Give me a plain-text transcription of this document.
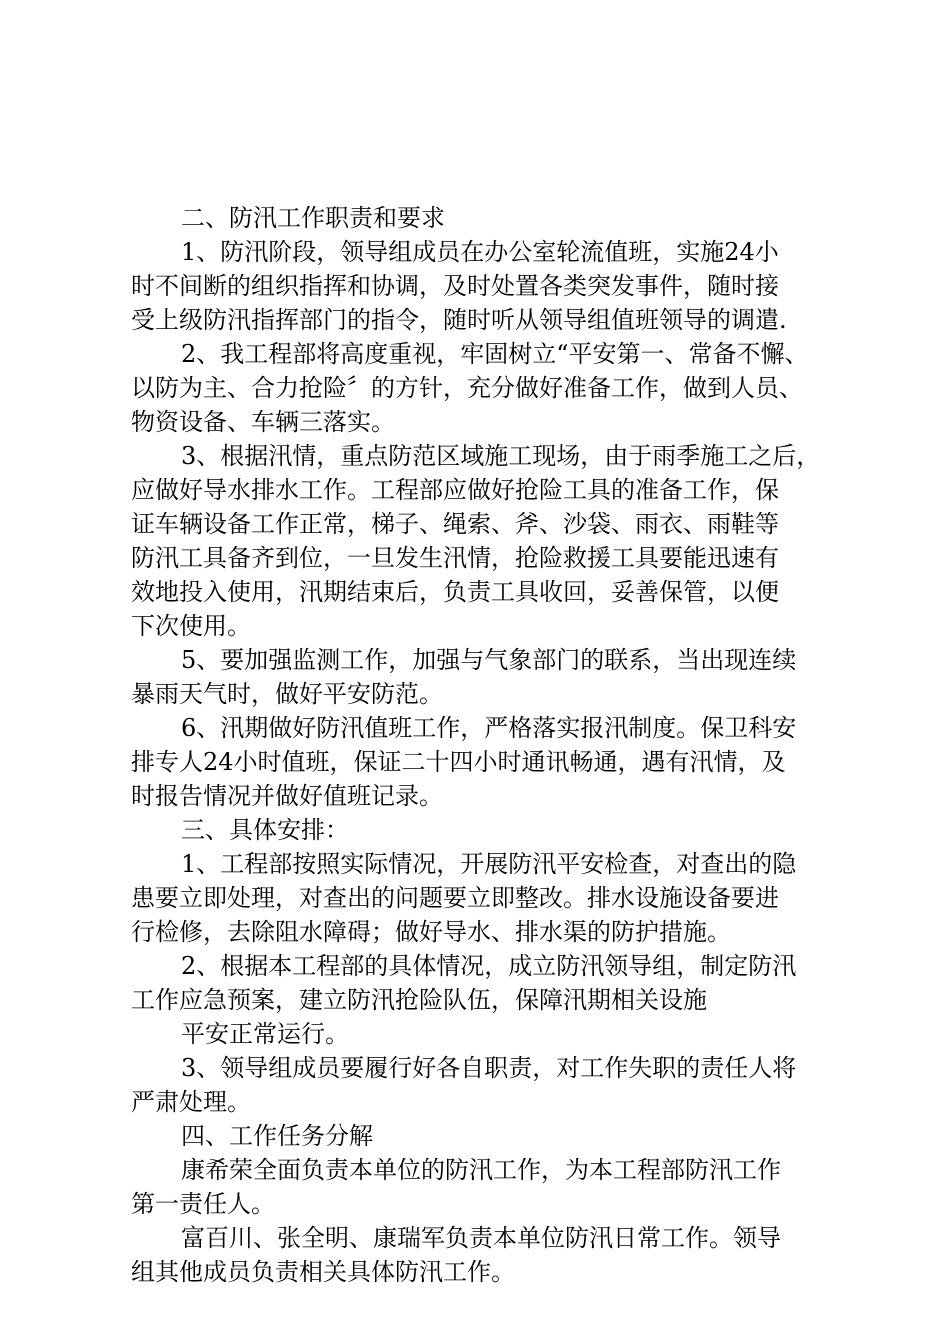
二、防汛工作职责和要求
1、防汛阶段，领导组成员在办公室轮流值班，实施24小
时不间断的组织指挥和协调，及时处置各类突发事件，随时接
受上级防汛指挥部门的指令，随时听从领导组值班领导的调遣.
2、我工程部将高度重视，牢固树立“平安第一、常备不懈、
以防为主、合力抢险〞的方针，充分做好准备工作，做到人员、
物资设备、车辆三落实。
3、根据汛情，重点防范区域施工现场，由于雨季施工之后，
应做好导水排水工作。工程部应做好抢险工具的准备工作，保
证车辆设备工作正常，梯子、绳索、斧、沙袋、雨衣、雨鞋等
防汛工具备齐到位，一旦发生汛情，抢险救援工具要能迅速有
效地投入使用，汛期结束后，负责工具收回，妥善保管，以便
下次使用。
5、要加强监测工作，加强与气象部门的联系，当出现连续
暴雨天气时，做好平安防范。
6、汛期做好防汛值班工作，严格落实报汛制度。保卫科安
排专人24小时值班，保证二十四小时通讯畅通，遇有汛情，及
时报告情况并做好值班记录。
三、具体安排：
1、工程部按照实际情况，开展防汛平安检查，对查出的隐
患要立即处理，对查出的问题要立即整改。排水设施设备要进
行检修，去除阻水障碍；做好导水、排水渠的防护措施。
2、根据本工程部的具体情况，成立防汛领导组，制定防汛
工作应急预案，建立防汛抢险队伍，保障汛期相关设施
平安正常运行。
3、领导组成员要履行好各自职责，对工作失职的责任人将
严肃处理。
四、工作任务分解
康希荣全面负责本单位的防汛工作，为本工程部防汛工作
第一责任人。
富百川、张全明、康瑞军负责本单位防汛日常工作。领导
组其他成员负责相关具体防汛工作。
